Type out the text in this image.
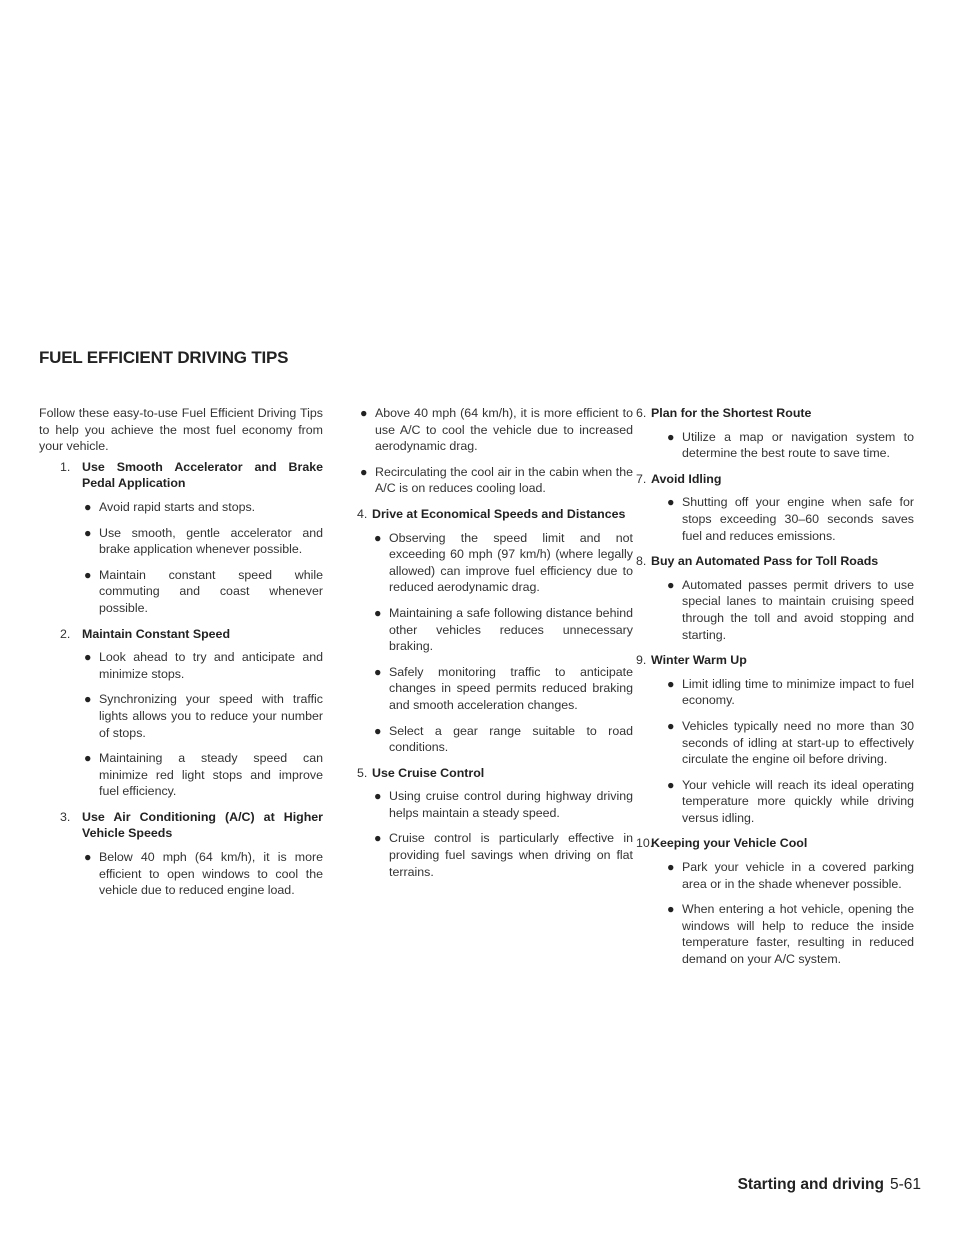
FUEL EFFICIENT DRIVING TIPS

Follow these easy-to-use Fuel Efficient Driving Tips to help you achieve the most fuel economy from your vehicle.

1. Use Smooth Accelerator and Brake Pedal Application
● Avoid rapid starts and stops.
● Use smooth, gentle accelerator and brake application whenever possible.
● Maintain constant speed while commuting and coast whenever possible.
2. Maintain Constant Speed
● Look ahead to try and anticipate and minimize stops.
● Synchronizing your speed with traffic lights allows you to reduce your number of stops.
● Maintaining a steady speed can minimize red light stops and improve fuel efficiency.
3. Use Air Conditioning (A/C) at Higher Vehicle Speeds
● Below 40 mph (64 km/h), it is more efficient to open windows to cool the vehicle due to reduced engine load.
● Above 40 mph (64 km/h), it is more efficient to use A/C to cool the vehicle due to increased aerodynamic drag.
● Recirculating the cool air in the cabin when the A/C is on reduces cooling load.
4. Drive at Economical Speeds and Distances
● Observing the speed limit and not exceeding 60 mph (97 km/h) (where legally allowed) can improve fuel efficiency due to reduced aerodynamic drag.
● Maintaining a safe following distance behind other vehicles reduces unnecessary braking.
● Safely monitoring traffic to anticipate changes in speed permits reduced braking and smooth acceleration changes.
● Select a gear range suitable to road conditions.
5. Use Cruise Control
● Using cruise control during highway driving helps maintain a steady speed.
● Cruise control is particularly effective in providing fuel savings when driving on flat terrains.
6. Plan for the Shortest Route
● Utilize a map or navigation system to determine the best route to save time.
7. Avoid Idling
● Shutting off your engine when safe for stops exceeding 30–60 seconds saves fuel and reduces emissions.
8. Buy an Automated Pass for Toll Roads
● Automated passes permit drivers to use special lanes to maintain cruising speed through the toll and avoid stopping and starting.
9. Winter Warm Up
● Limit idling time to minimize impact to fuel economy.
● Vehicles typically need no more than 30 seconds of idling at start-up to effectively circulate the engine oil before driving.
● Your vehicle will reach its ideal operating temperature more quickly while driving versus idling.
10.
Keeping your Vehicle Cool
● Park your vehicle in a covered parking area or in the shade whenever possible.
● When entering a hot vehicle, opening the windows will help to reduce the inside temperature faster, resulting in reduced demand on your A/C system.
Starting and driving 5-61
